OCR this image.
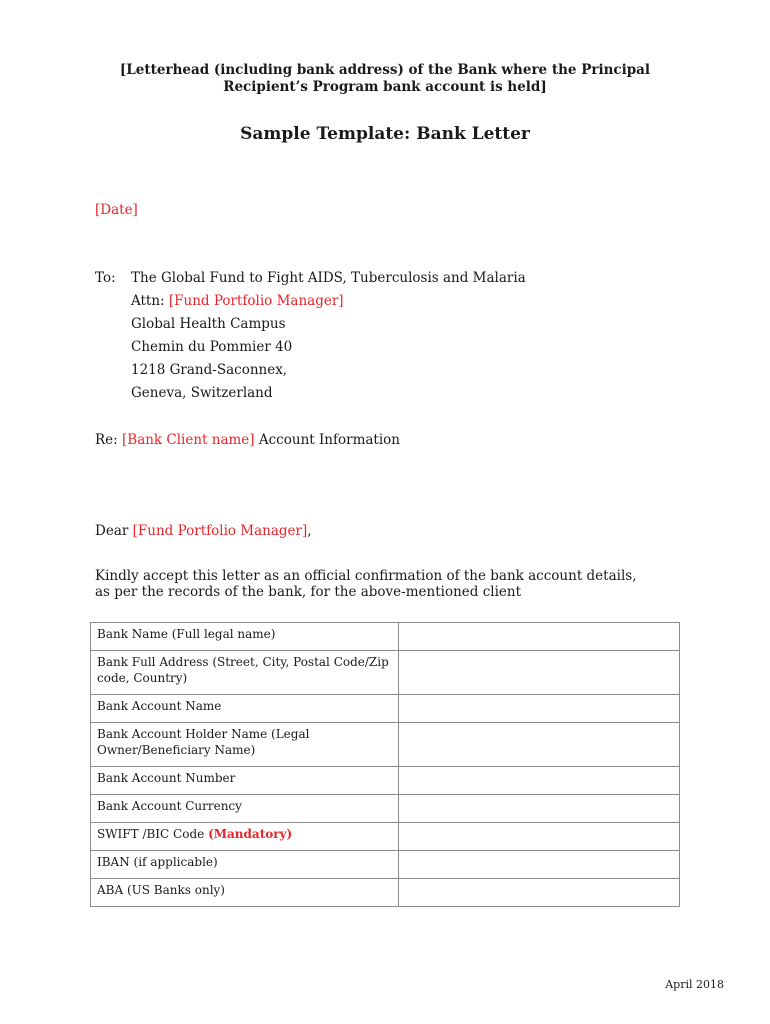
[Letterhead (including bank address) of the Bank where the Principal
Recipient’s Program bank account is held]
Sample Template: Bank Letter
[Date]
To: The Global Fund to Fight AIDS, Tuberculosis and Malaria
Attn: [Fund Portfolio Manager]
Global Health Campus
Chemin du Pommier 40
1218 Grand-Saconnex,
Geneva, Switzerland
Re: [Bank Client name] Account Information
Dear [Fund Portfolio Manager],
Kindly accept this letter as an official confirmation of the bank account details,
as per the records of the bank, for the above-mentioned client
Bank Name (Full legal name)	
Bank Full Address (Street, City, Postal Code/Zip code, Country)	
Bank Account Name	
Bank Account Holder Name (Legal Owner/Beneficiary Name)	
Bank Account Number	
Bank Account Currency	
SWIFT /BIC Code (Mandatory)	
IBAN (if applicable)	
ABA (US Banks only)	
April 2018
